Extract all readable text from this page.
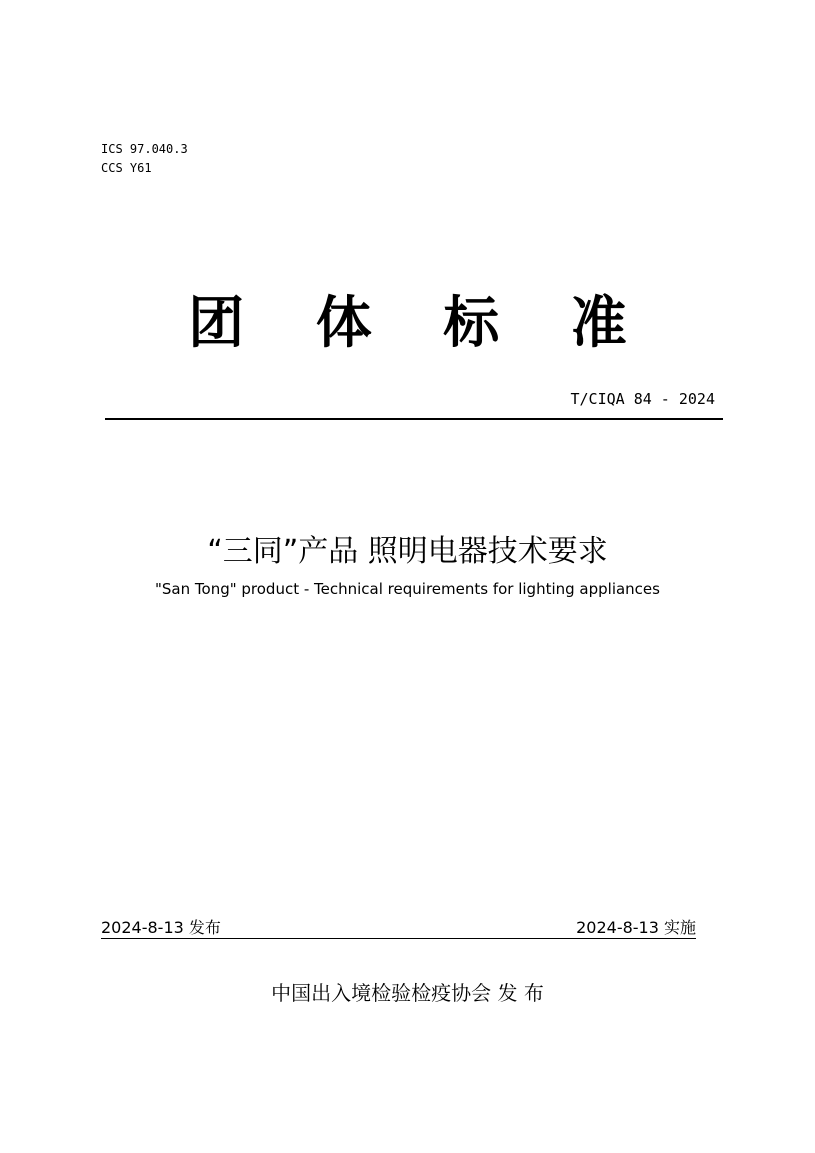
ICS 97.040.3
CCS Y61
团 体 标 准
T/CIQA 84 - 2024
“三同”产品 照明电器技术要求
"San Tong" product - Technical requirements for lighting appliances
2024-8-13 发布	2024-8-13 实施
中国出入境检验检疫协会 发 布
